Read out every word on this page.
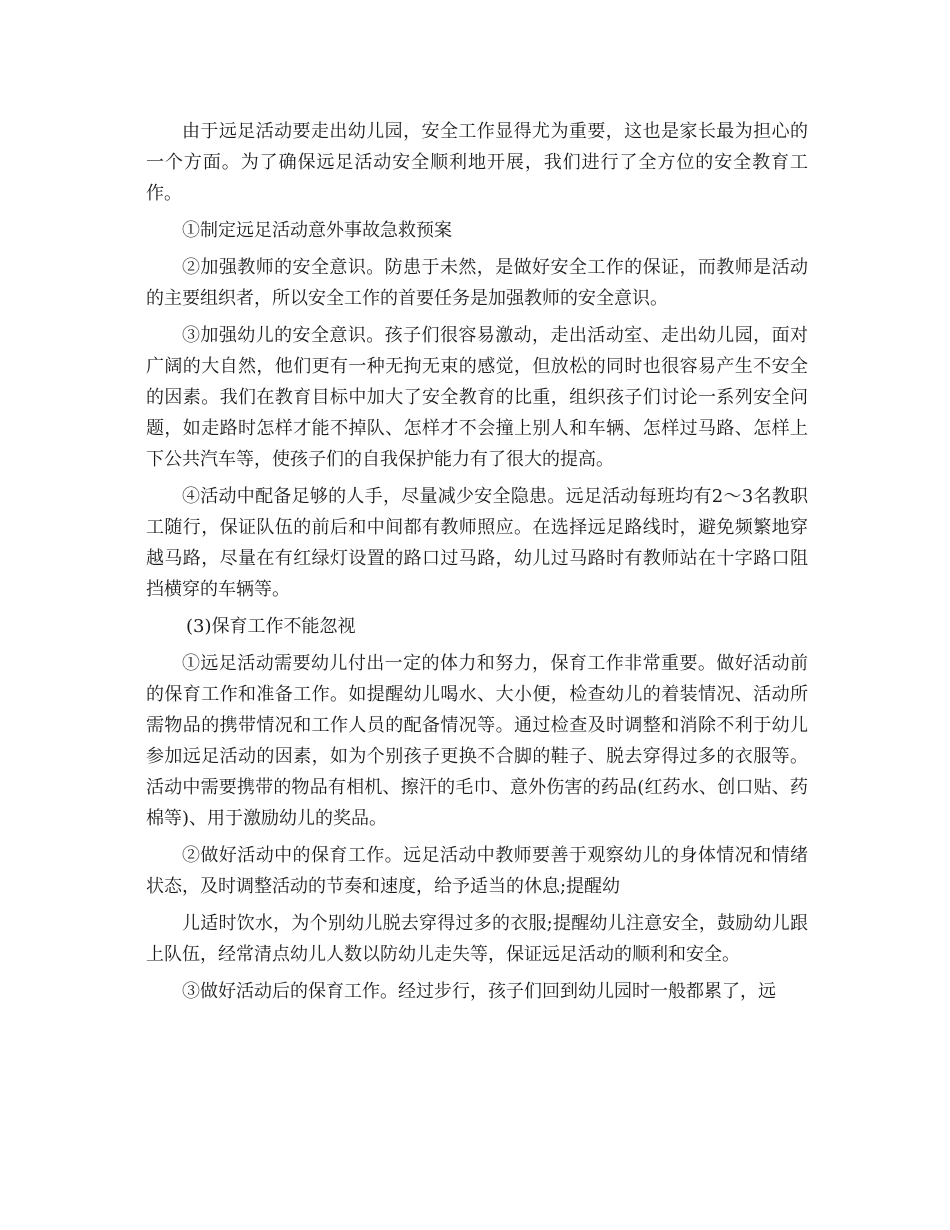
由于远足活动要走出幼儿园，安全工作显得尤为重要，这也是家长最为担心的一个方面。为了确保远足活动安全顺利地开展，我们进行了全方位的安全教育工作。

①制定远足活动意外事故急救预案

②加强教师的安全意识。防患于未然，是做好安全工作的保证，而教师是活动的主要组织者，所以安全工作的首要任务是加强教师的安全意识。

③加强幼儿的安全意识。孩子们很容易激动，走出活动室、走出幼儿园，面对广阔的大自然，他们更有一种无拘无束的感觉，但放松的同时也很容易产生不安全的因素。我们在教育目标中加大了安全教育的比重，组织孩子们讨论一系列安全问题，如走路时怎样才能不掉队、怎样才不会撞上别人和车辆、怎样过马路、怎样上下公共汽车等，使孩子们的自我保护能力有了很大的提高。

④活动中配备足够的人手，尽量减少安全隐患。远足活动每班均有2～3名教职工随行，保证队伍的前后和中间都有教师照应。在选择远足路线时，避免频繁地穿越马路，尽量在有红绿灯设置的路口过马路，幼儿过马路时有教师站在十字路口阻挡横穿的车辆等。

(3)保育工作不能忽视

①远足活动需要幼儿付出一定的体力和努力，保育工作非常重要。做好活动前的保育工作和准备工作。如提醒幼儿喝水、大小便，检查幼儿的着装情况、活动所需物品的携带情况和工作人员的配备情况等。通过检查及时调整和消除不利于幼儿参加远足活动的因素，如为个别孩子更换不合脚的鞋子、脱去穿得过多的衣服等。活动中需要携带的物品有相机、擦汗的毛巾、意外伤害的药品(红药水、创口贴、药棉等)、用于激励幼儿的奖品。

②做好活动中的保育工作。远足活动中教师要善于观察幼儿的身体情况和情绪状态，及时调整活动的节奏和速度，给予适当的休息;提醒幼

儿适时饮水，为个别幼儿脱去穿得过多的衣服;提醒幼儿注意安全，鼓励幼儿跟上队伍，经常清点幼儿人数以防幼儿走失等，保证远足活动的顺利和安全。

③做好活动后的保育工作。经过步行，孩子们回到幼儿园时一般都累了，远
